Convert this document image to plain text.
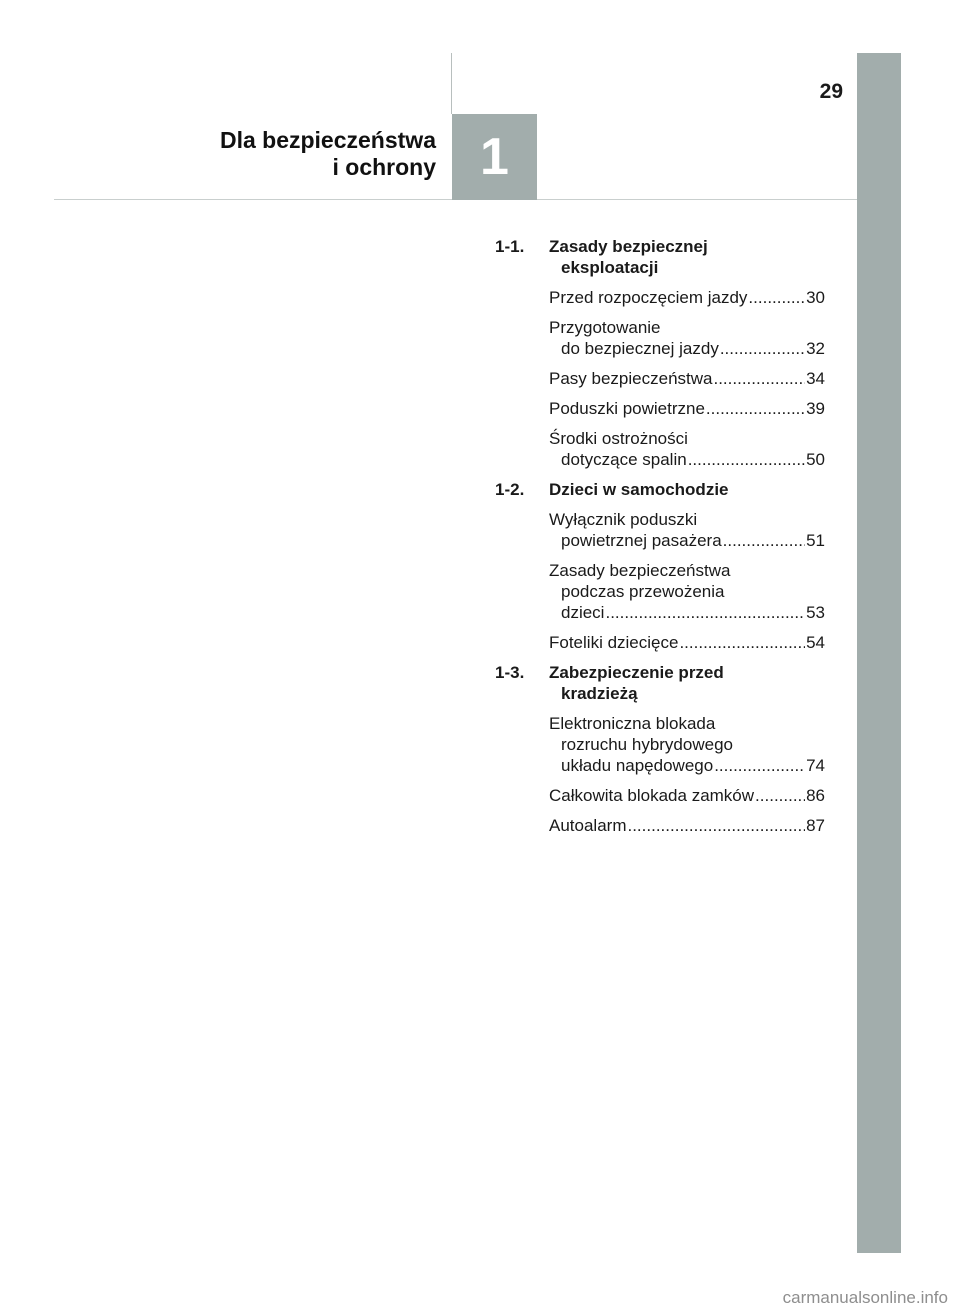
1
29
Dla bezpieczeństwa
i ochrony
1-1.	Zasady bezpiecznej
eksploatacji
Przed rozpoczęciem jazdy .....	30
Przygotowanie
do bezpiecznej jazdy .....	32
Pasy bezpieczeństwa .....	34
Poduszki powietrzne .....	39
Środki ostrożności
dotyczące spalin .....	50
1-2.	Dzieci w samochodzie
Wyłącznik poduszki
powietrznej pasażera .....	51
Zasady bezpieczeństwa
podczas przewożenia
dzieci .....	53
Foteliki dziecięce .....	54
1-3.	Zabezpieczenie przed
kradzieżą
Elektroniczna blokada
rozruchu hybrydowego
układu napędowego .....	74
Całkowita blokada zamków .....	86
Autoalarm .....	87
carmanualsonline.info
